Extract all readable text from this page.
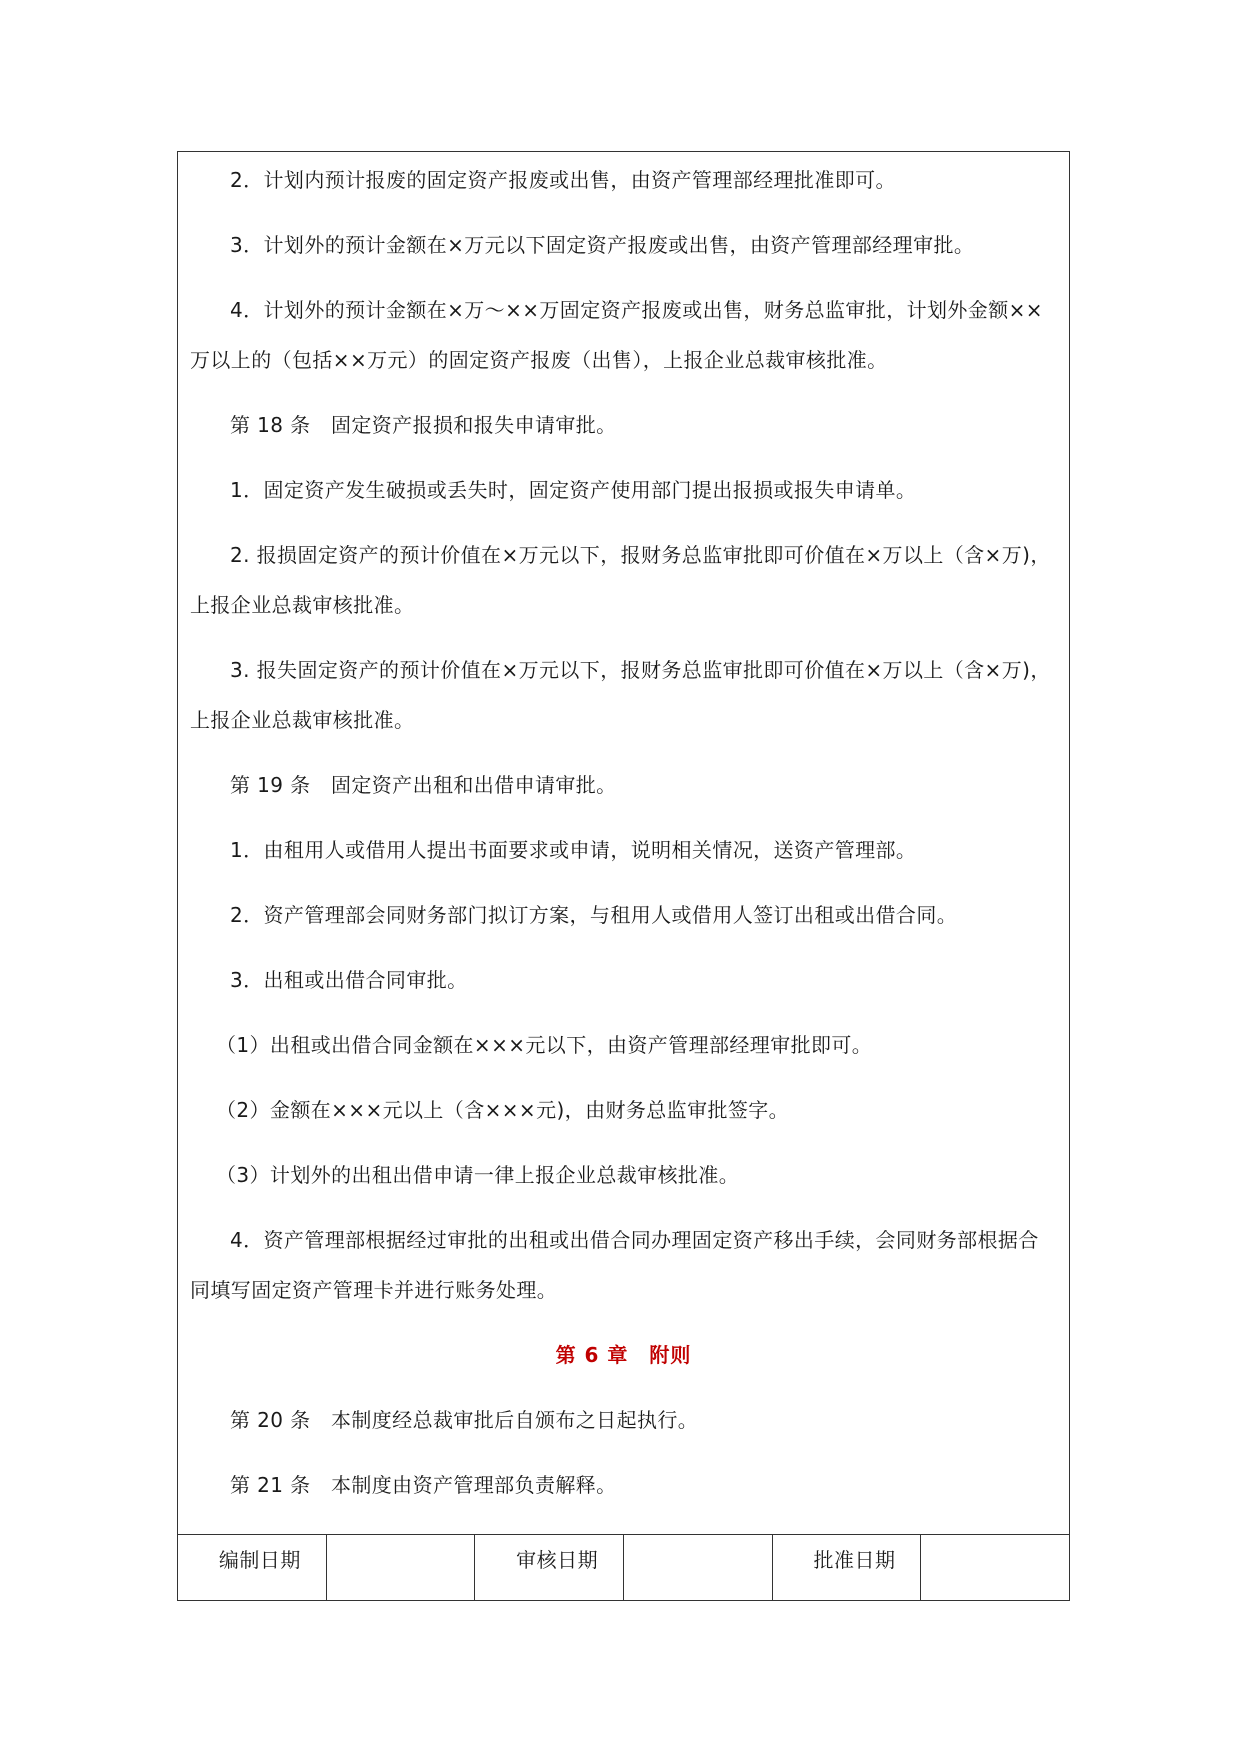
2．计划内预计报废的固定资产报废或出售，由资产管理部经理批准即可。
3．计划外的预计金额在×万元以下固定资产报废或出售，由资产管理部经理审批。
4．计划外的预计金额在×万～××万固定资产报废或出售，财务总监审批，计划外金额××万以上的（包括××万元）的固定资产报废（出售），上报企业总裁审核批准。
第 18 条　固定资产报损和报失申请审批。
1．固定资产发生破损或丢失时，固定资产使用部门提出报损或报失申请单。
2. 报损固定资产的预计价值在×万元以下，报财务总监审批即可价值在×万以上（含×万)，上报企业总裁审核批准。
3. 报失固定资产的预计价值在×万元以下，报财务总监审批即可价值在×万以上（含×万)，上报企业总裁审核批准。
第 19 条　固定资产出租和出借申请审批。
1．由租用人或借用人提出书面要求或申请，说明相关情况，送资产管理部。
2．资产管理部会同财务部门拟订方案，与租用人或借用人签订出租或出借合同。
3．出租或出借合同审批。
（1）出租或出借合同金额在×××元以下，由资产管理部经理审批即可。
（2）金额在×××元以上（含×××元)，由财务总监审批签字。
（3）计划外的出租出借申请一律上报企业总裁审核批准。
4．资产管理部根据经过审批的出租或出借合同办理固定资产移出手续，会同财务部根据合同填写固定资产管理卡并进行账务处理。
第 6 章　附则
第 20 条　本制度经总裁审批后自颁布之日起执行。
第 21 条　本制度由资产管理部负责解释。
编制日期	审核日期	批准日期
